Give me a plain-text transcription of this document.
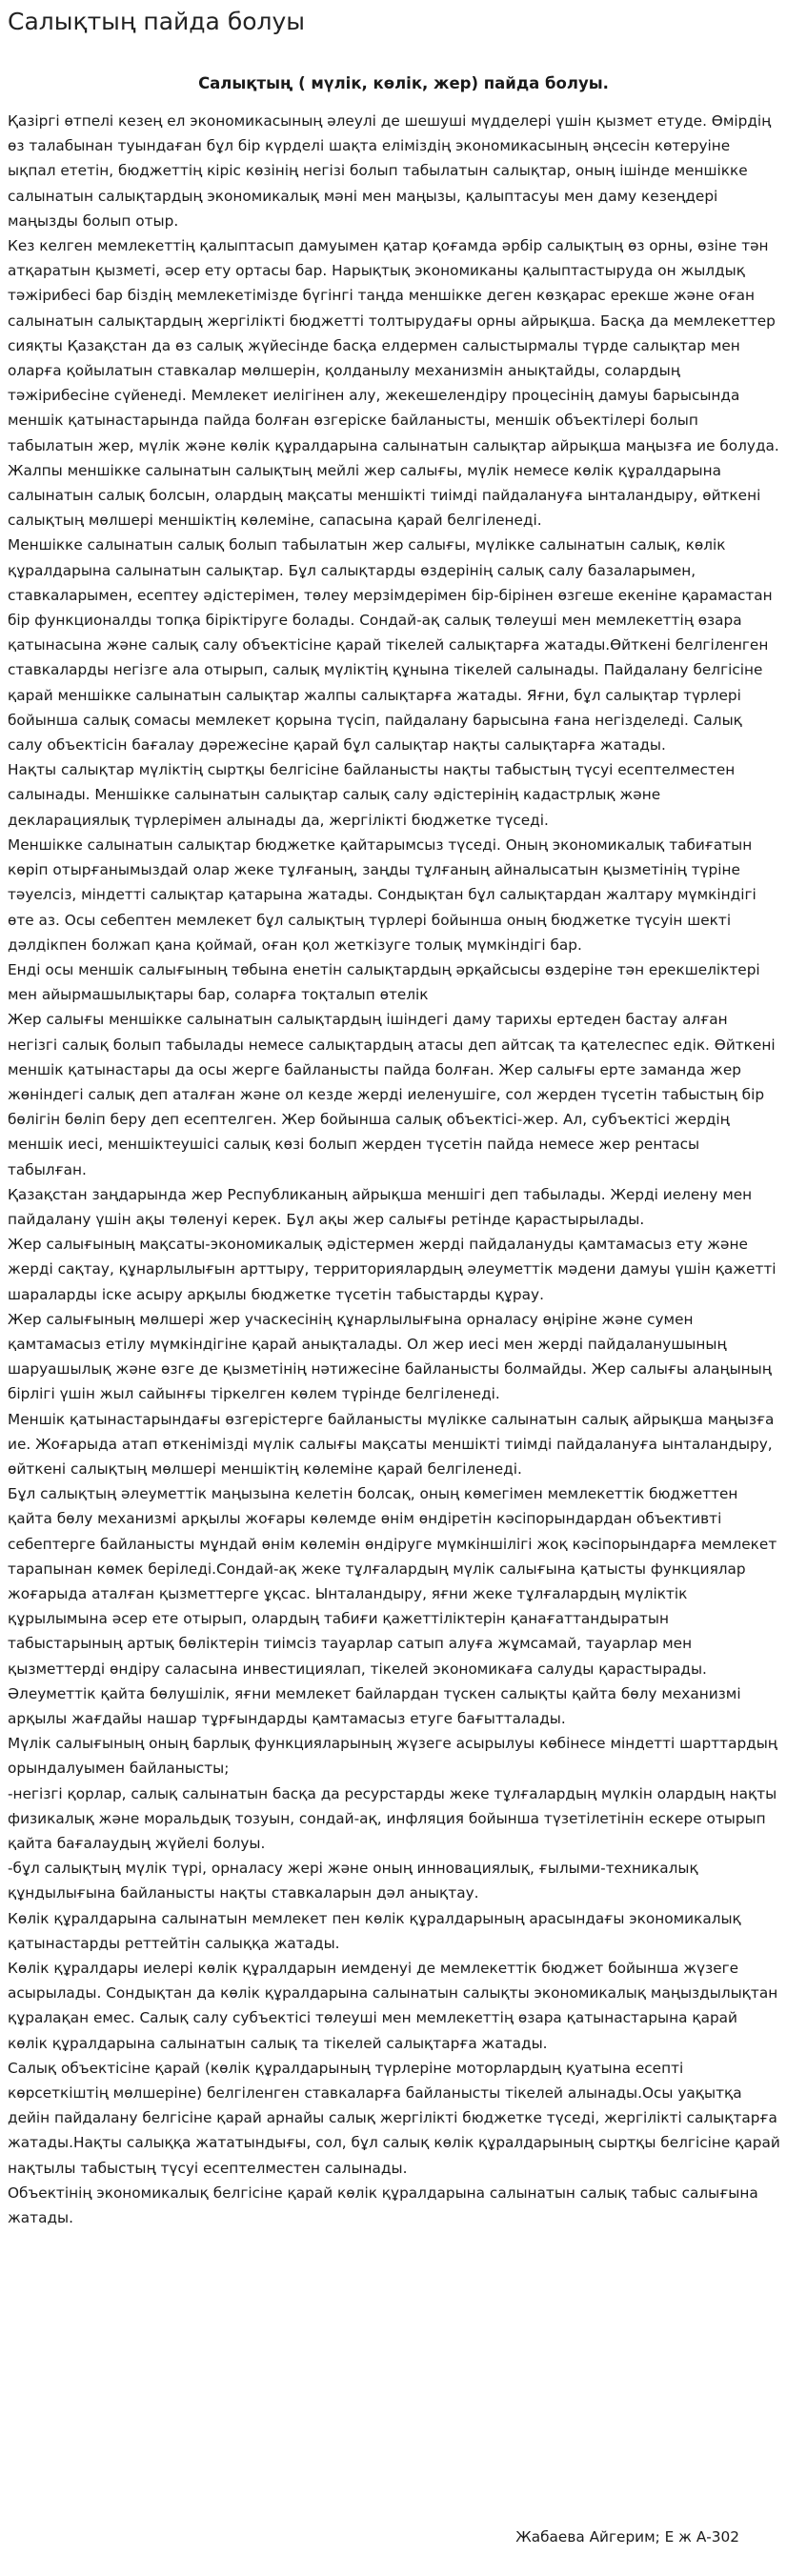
Салықтың пайда болуы
Салықтың ( мүлік, көлік, жер) пайда болуы.

Қазіргі өтпелі кезең ел экономикасының әлеулі де шешуші мүдделері үшін қызмет етуде. Өмірдің өз талабынан туындаған бұл бір күрделі шақта еліміздің экономикасының әңсесін көтеруіне ықпал ететін, бюджеттің кіріс көзінің негізі болып табылатын салықтар, оның ішінде меншікке салынатын салықтардың экономикалық мәні мен маңызы, қалыптасуы мен даму кезеңдері маңызды болып отыр.

Кез келген мемлекеттің қалыптасып дамуымен қатар қоғамда әрбір салықтың өз орны, өзіне тән атқаратын қызметі, әсер ету ортасы бар. Нарықтық экономиканы қалыптастыруда он жылдық тәжірибесі бар біздің мемлекетімізде бүгінгі таңда меншікке деген көзқарас ерекше және оған салынатын салықтардың жергілікті бюджетті толтырудағы орны айрықша. Басқа да мемлекеттер сияқты Қазақстан да өз салық жүйесінде басқа елдермен салыстырмалы түрде салықтар мен оларға қойылатын ставкалар мөлшерін, қолданылу механизмін анықтайды, солардың тәжірибесіне сүйенеді. Мемлекет иелігінен алу, жекешелендіру процесінің дамуы барысында меншік қатынастарында пайда болған өзгеріске байланысты, меншік объектілері болып табылатын жер, мүлік және көлік құралдарына салынатын салықтар айрықша маңызға ие болуда.

Жалпы меншікке салынатын салықтың мейлі жер салығы, мүлік немесе көлік құралдарына салынатын салық болсын, олардың мақсаты меншікті тиімді пайдалануға ынталандыру, өйткені салықтың мөлшері меншіктің көлеміне, сапасына қарай белгіленеді.

Меншікке салынатын салық болып табылатын жер салығы, мүлікке салынатын салық, көлік құралдарына салынатын салықтар. Бұл салықтарды өздерінің салық салу базаларымен, ставкаларымен, есептеу әдістерімен, төлеу мерзімдерімен бір-бірінен өзгеше екеніне қарамастан бір функционалды топқа біріктіруге болады. Сондай-ақ салық төлеуші мен мемлекеттің өзара қатынасына және салық салу объектісіне қарай тікелей салықтарға жатады.Өйткені белгіленген ставкаларды негізге ала отырып, салық мүліктің құнына тікелей салынады. Пайдалану белгісіне қарай меншікке салынатын салықтар жалпы салықтарға жатады. Яғни, бұл салықтар түрлері бойынша салық сомасы мемлекет қорына түсіп, пайдалану барысына ғана негізделеді. Салық салу объектісін бағалау дәрежесіне қарай бұл салықтар нақты салықтарға жатады.

Нақты салықтар мүліктің сыртқы белгісіне байланысты нақты табыстың түсуі есептелместен салынады. Меншікке салынатын салықтар салық салу әдістерінің кадастрлық және декларациялық түрлерімен алынады да, жергілікті бюджетке түседі.

Меншікке салынатын салықтар бюджетке қайтарымсыз түседі. Оның экономикалық табиғатын көріп отырғанымыздай олар жеке тұлғаның, заңды тұлғаның айналысатын қызметінің түріне тәуелсіз, міндетті салықтар қатарына жатады. Сондықтан бұл салықтардан жалтару мүмкіндігі өте аз. Осы себептен мемлекет бұл салықтың түрлері бойынша оның бюджетке түсуін шекті дәлдікпен болжап қана қоймай, оған қол жеткізуге толық мүмкіндігі бар.

Енді осы меншік салығының төбына енетін салықтардың әрқайсысы өздеріне тән ерекшеліктері мен айырмашылықтары бар, соларға тоқталып өтелік

Жер салығы меншікке салынатын салықтардың ішіндегі даму тарихы ертеден бастау алған негізгі салық болып табылады немесе салықтардың атасы деп айтсақ та қателеспес едік. Өйткені меншік қатынастары да осы жерге байланысты пайда болған. Жер салығы ерте заманда жер жөніндегі салық деп аталған және ол кезде жерді иеленушіге, сол жерден түсетін табыстың бір бөлігін бөліп беру деп есептелген. Жер бойынша салық объектісі-жер. Ал, субъектісі жердің меншік иесі, меншіктеушісі салық көзі болып жерден түсетін пайда немесе жер рентасы табылған.

Қазақстан заңдарында жер Республиканың айрықша меншігі деп табылады. Жерді иелену мен пайдалану үшін ақы төленуі керек. Бұл ақы жер салығы ретінде қарастырылады.

Жер салығының мақсаты-экономикалық әдістермен жерді пайдалануды қамтамасыз ету және жерді сақтау, құнарлылығын арттыру, территориялардың әлеуметтік мәдени дамуы үшін қажетті шараларды іске асыру арқылы бюджетке түсетін табыстарды құрау.

Жер салығының мөлшері жер учаскесінің құнарлылығына орналасу өңіріне және сумен қамтамасыз етілу мүмкіндігіне қарай анықталады. Ол жер иесі мен жерді пайдаланушының шаруашылық және өзге де қызметінің нәтижесіне байланысты болмайды. Жер салығы алаңының бірлігі үшін жыл сайынғы тіркелген көлем түрінде белгіленеді.

Меншік қатынастарындағы өзгерістерге байланысты мүлікке салынатын салық айрықша маңызға ие. Жоғарыда атап өткенімізді мүлік салығы мақсаты меншікті тиімді пайдалануға ынталандыру, өйткені салықтың мөлшері меншіктің көлеміне қарай белгіленеді.

Бұл салықтың әлеуметтік маңызына келетін болсақ, оның көмегімен мемлекеттік бюджеттен қайта бөлу механизмі арқылы жоғары көлемде өнім өндіретін кәсіпорындардан объективті себептерге байланысты мұндай өнім көлемін өндіруге мүмкіншілігі жоқ кәсіпорындарға мемлекет тарапынан көмек беріледі.Сондай-ақ жеке тұлғалардың мүлік салығына қатысты функциялар жоғарыда аталған қызметтерге ұқсас. Ынталандыру, яғни жеке тұлғалардың мүліктік құрылымына әсер ете отырып, олардың табиғи қажеттіліктерін қанағаттандыратын табыстарының артық бөліктерін тиімсіз тауарлар сатып алуға жұмсамай, тауарлар мен қызметтерді өндіру саласына инвестициялап, тікелей экономикаға салуды қарастырады. Әлеуметтік қайта бөлушілік, яғни мемлекет байлардан түскен салықты қайта бөлу механизмі арқылы жағдайы нашар тұрғындарды қамтамасыз етуге бағытталады.

Мүлік салығының оның барлық функцияларының жүзеге асырылуы көбінесе міндетті шарттардың орындалуымен байланысты;

-негізгі қорлар, салық салынатын басқа да ресурстарды жеке тұлғалардың мүлкін олардың нақты физикалық және моральдық тозуын, сондай-ақ, инфляция бойынша түзетілетінін ескере отырып қайта бағалаудың жүйелі болуы.

-бұл салықтың мүлік түрі, орналасу жері және оның инновациялық, ғылыми-техникалық құндылығына байланысты нақты ставкаларын дәл анықтау.

Көлік құралдарына салынатын мемлекет пен көлік құралдарының арасындағы экономикалық қатынастарды реттейтін салыққа жатады.

Көлік құралдары иелері көлік құралдарын иемденуі де мемлекеттік бюджет бойынша жүзеге асырылады. Сондықтан да көлік құралдарына салынатын салықты экономикалық маңыздылықтан құралақан емес. Салық салу субъектісі төлеуші мен мемлекеттің өзара қатынастарына қарай көлік құралдарына салынатын салық та тікелей салықтарға жатады.

Салық объектісіне қарай (көлік құралдарының түрлеріне моторлардың қуатына есепті көрсеткіштің мөлшеріне) белгіленген ставкаларға байланысты тікелей алынады.Осы уақытқа дейін пайдалану белгісіне қарай арнайы салық жергілікті бюджетке түседі, жергілікті салықтарға жатады.Нақты салыққа жататындығы, сол, бұл салық көлік құралдарының сыртқы белгісіне қарай нақтылы табыстың түсуі есептелместен салынады.

Объектінің экономикалық белгісіне қарай көлік құралдарына салынатын салық табыс салығына жатады.

Жабаева Айгерим; Е ж А-302
